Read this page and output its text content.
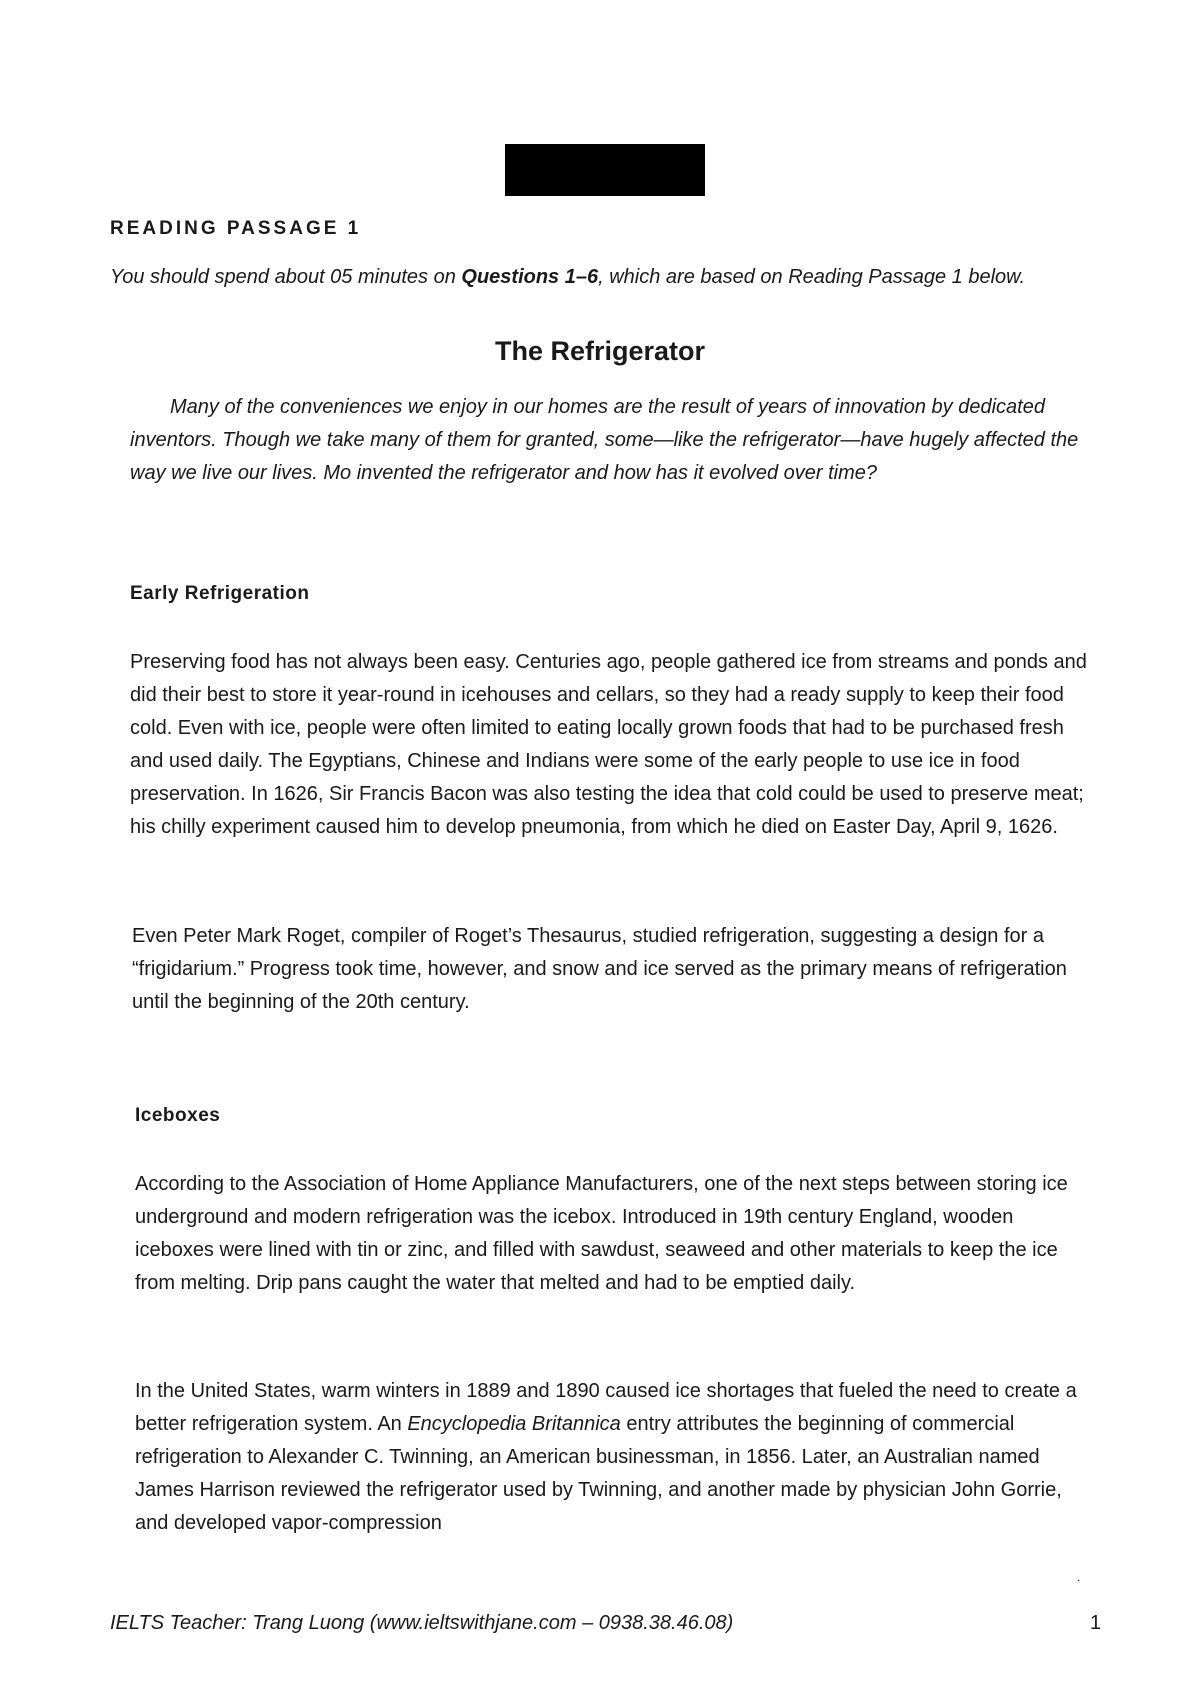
READING PASSAGE 1
You should spend about 05 minutes on Questions 1–6, which are based on Reading Passage 1 below.
The Refrigerator
Many of the conveniences we enjoy in our homes are the result of years of innovation by dedicated inventors. Though we take many of them for granted, some—like the refrigerator—have hugely affected the way we live our lives. Mo invented the refrigerator and how has it evolved over time?
Early Refrigeration
Preserving food has not always been easy. Centuries ago, people gathered ice from streams and ponds and did their best to store it year-round in icehouses and cellars, so they had a ready supply to keep their food cold. Even with ice, people were often limited to eating locally grown foods that had to be purchased fresh and used daily. The Egyptians, Chinese and Indians were some of the early people to use ice in food preservation. In 1626, Sir Francis Bacon was also testing the idea that cold could be used to preserve meat; his chilly experiment caused him to develop pneumonia, from which he died on Easter Day, April 9, 1626.
Even Peter Mark Roget, compiler of Roget’s Thesaurus, studied refrigeration, suggesting a design for a “frigidarium.” Progress took time, however, and snow and ice served as the primary means of refrigeration until the beginning of the 20th century.
Iceboxes
According to the Association of Home Appliance Manufacturers, one of the next steps between storing ice underground and modern refrigeration was the icebox. Introduced in 19th century England, wooden iceboxes were lined with tin or zinc, and filled with sawdust, seaweed and other materials to keep the ice from melting. Drip pans caught the water that melted and had to be emptied daily.
In the United States, warm winters in 1889 and 1890 caused ice shortages that fueled the need to create a better refrigeration system. An Encyclopedia Britannica entry attributes the beginning of commercial refrigeration to Alexander C. Twinning, an American businessman, in 1856. Later, an Australian named James Harrison reviewed the refrigerator used by Twinning, and another made by physician John Gorrie, and developed vapor-compression
.
IELTS Teacher: Trang Luong (www.ieltswithjane.com – 0938.38.46.08)	1
